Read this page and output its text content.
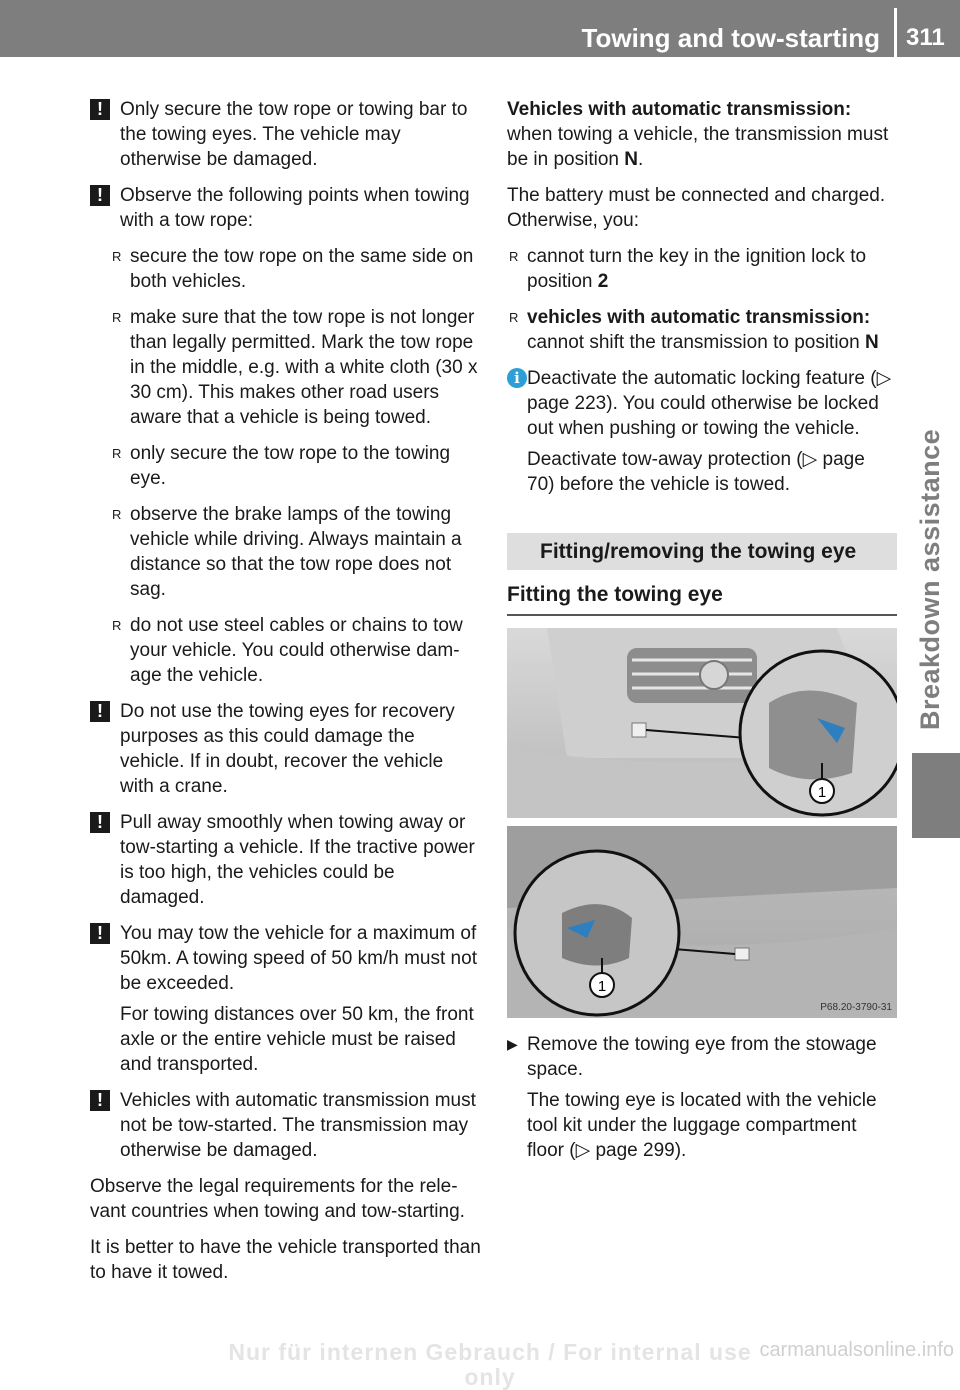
Towing and tow-starting 311
Breakdown assistance
! Only secure the tow rope or towing bar to the towing eyes. The vehicle may otherwise be damaged.
! Observe the following points when towing with a tow rope:
R secure the tow rope on the same side on both vehicles.
R make sure that the tow rope is not longer than legally permitted. Mark the tow rope in the middle, e.g. with a white cloth (30 x 30 cm). This makes other road users aware that a vehicle is being towed.
R only secure the tow rope to the towing eye.
R observe the brake lamps of the towing vehicle while driving. Always maintain a distance so that the tow rope does not sag.
R do not use steel cables or chains to tow your vehicle. You could otherwise damage the vehicle.
! Do not use the towing eyes for recovery purposes as this could damage the vehicle. If in doubt, recover the vehicle with a crane.
! Pull away smoothly when towing away or tow-starting a vehicle. If the tractive power is too high, the vehicles could be damaged.
! You may tow the vehicle for a maximum of 50km. A towing speed of 50 km/h must not be exceeded.
For towing distances over 50 km, the front axle or the entire vehicle must be raised and transported.
! Vehicles with automatic transmission must not be tow-started. The transmission may otherwise be damaged.

Observe the legal requirements for the relevant countries when towing and tow-starting.

It is better to have the vehicle transported than to have it towed.

Vehicles with automatic transmission:
when towing a vehicle, the transmission must be in position N.

The battery must be connected and charged. Otherwise, you:

R cannot turn the key in the ignition lock to position 2
R vehicles with automatic transmission:
cannot shift the transmission to position N
i Deactivate the automatic locking feature (▷ page 223). You could otherwise be locked out when pushing or towing the vehicle.
Deactivate tow-away protection (▷ page 70) before the vehicle is towed.
Fitting/removing the towing eye
Fitting the towing eye
1
1
P68.20-3790-31
▶ Remove the towing eye from the stowage space.
The towing eye is located with the vehicle tool kit under the luggage compartment floor (▷ page 299).
Nur für internen Gebrauch / For internal use only
carmanualsonline.info
